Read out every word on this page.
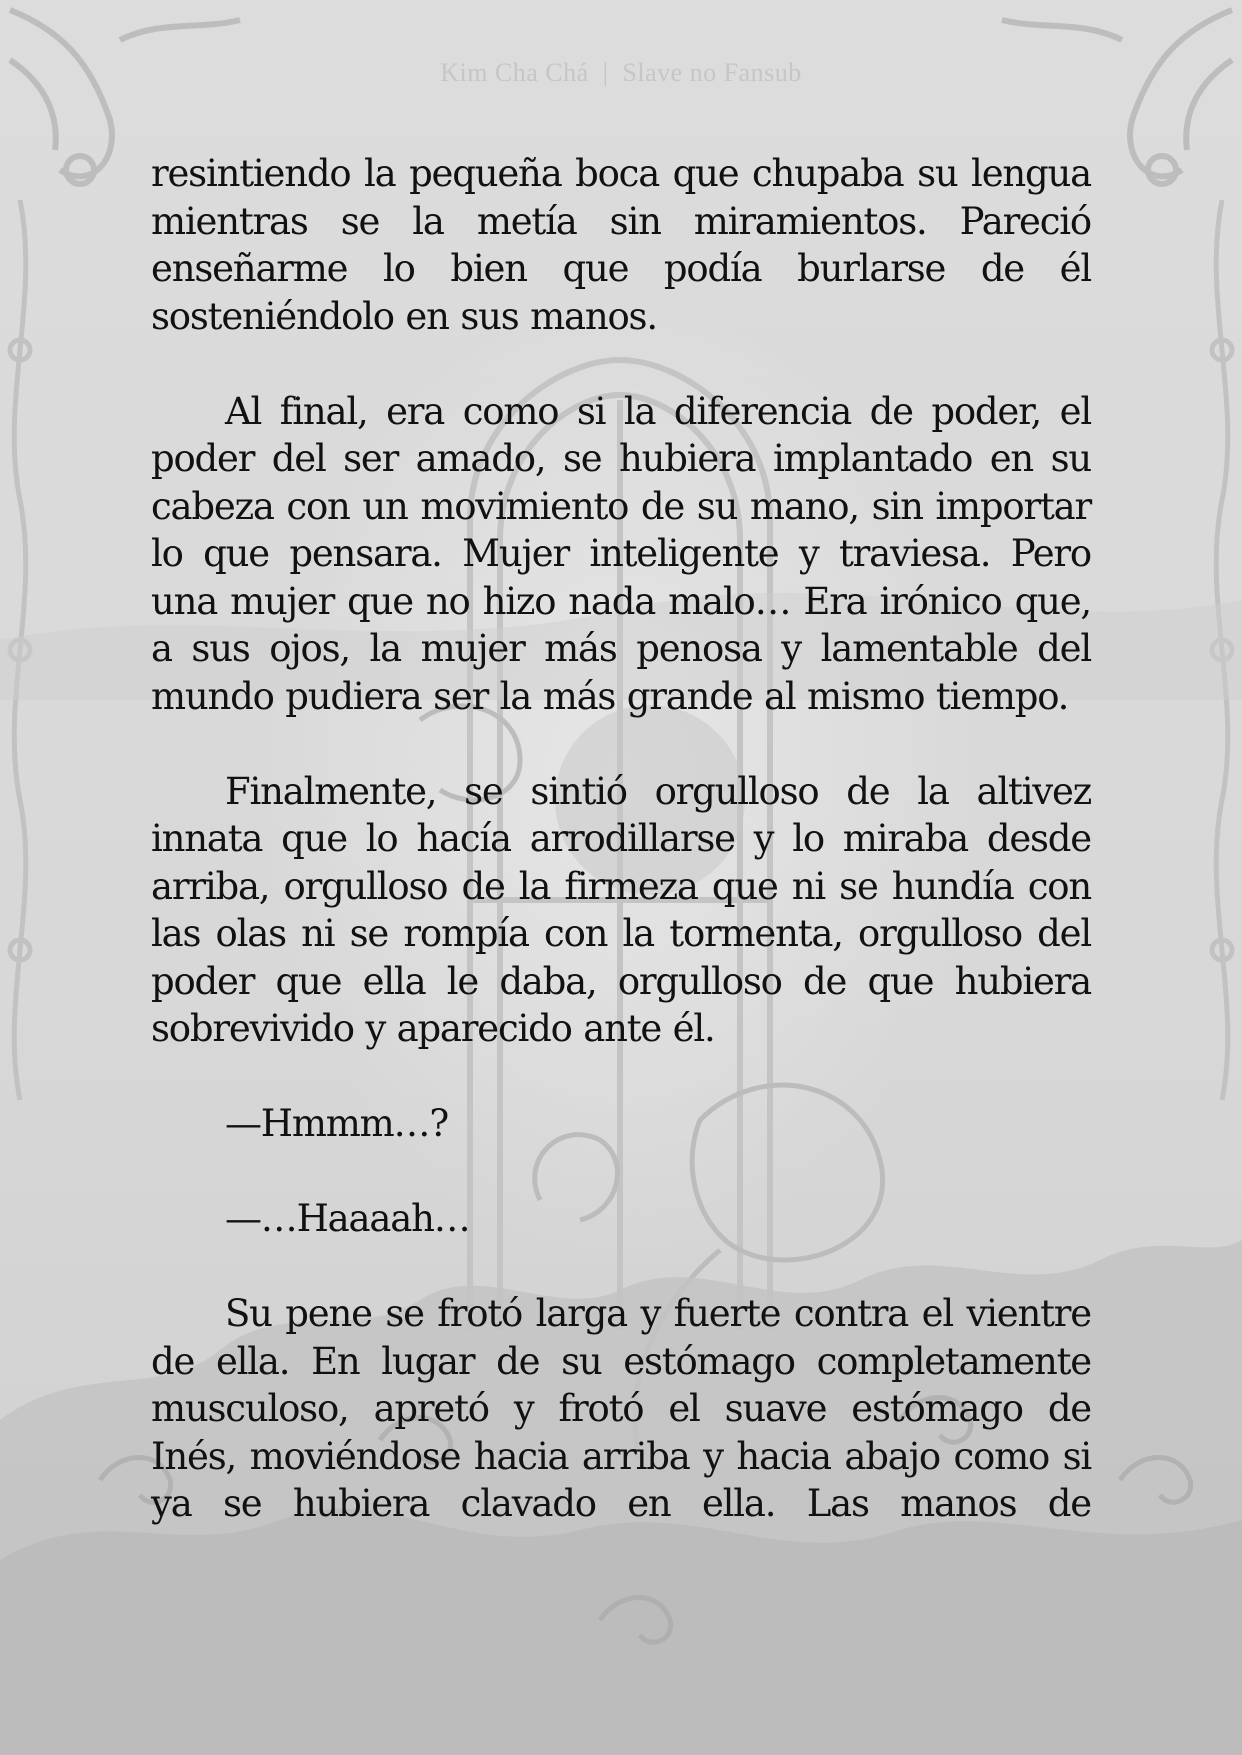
Kim Cha Chá | Slave no Fansub

resintiendo la pequeña boca que chupaba su lengua mientras se la metía sin miramientos. Pareció enseñarme lo bien que podía burlarse de él sosteniéndolo en sus manos.

Al final, era como si la diferencia de poder, el poder del ser amado, se hubiera implantado en su cabeza con un movimiento de su mano, sin importar lo que pensara. Mujer inteligente y traviesa. Pero una mujer que no hizo nada malo… Era irónico que, a sus ojos, la mujer más penosa y lamentable del mundo pudiera ser la más grande al mismo tiempo.

Finalmente, se sintió orgulloso de la altivez innata que lo hacía arrodillarse y lo miraba desde arriba, orgulloso de la firmeza que ni se hundía con las olas ni se rompía con la tormenta, orgulloso del poder que ella le daba, orgulloso de que hubiera sobrevivido y aparecido ante él.

—Hmmm…?

—…Haaaah…

Su pene se frotó larga y fuerte contra el vientre de ella. En lugar de su estómago completamente musculoso, apretó y frotó el suave estómago de Inés, moviéndose hacia arriba y hacia abajo como si ya se hubiera clavado en ella. Las manos de
